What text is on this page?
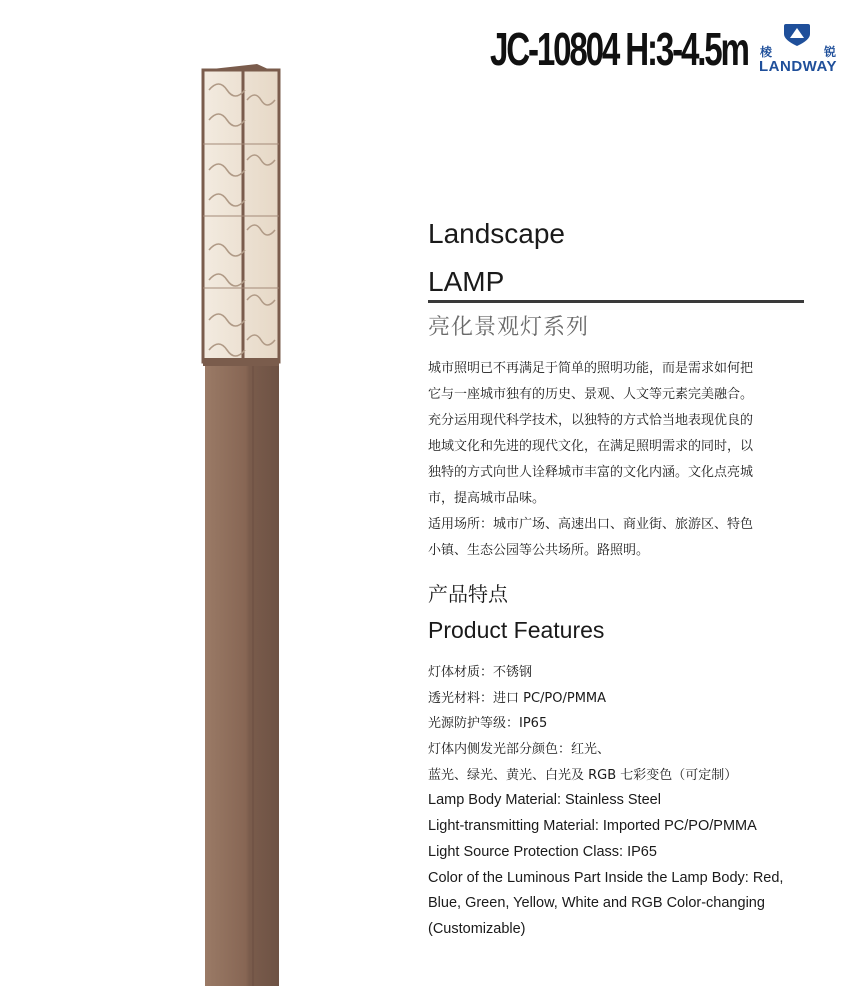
JC-10804 H:3-4.5m 棱	锐
LANDWAY
Landscape
LAMP
亮化景观灯系列
城市照明已不再满足于简单的照明功能，而是需求如何把
它与一座城市独有的历史、景观、人文等元素完美融合。
充分运用现代科学技术，以独特的方式恰当地表现优良的
地域文化和先进的现代文化，在满足照明需求的同时，以
独特的方式向世人诠释城市丰富的文化内涵。文化点亮城
市，提高城市品味。
适用场所：城市广场、高速出口、商业街、旅游区、特色
小镇、生态公园等公共场所。路照明。
产品特点
Product Features
灯体材质：不锈钢
透光材料：进口 PC/PO/PMMA
光源防护等级：IP65
灯体内侧发光部分颜色：红光、
蓝光、绿光、黄光、白光及 RGB 七彩变色（可定制）
Lamp Body Material: Stainless Steel
Light-transmitting Material: Imported PC/PO/PMMA
Light Source Protection Class: IP65
Color of the Luminous Part Inside the Lamp Body: Red,
Blue, Green, Yellow, White and RGB Color-changing
(Customizable)
